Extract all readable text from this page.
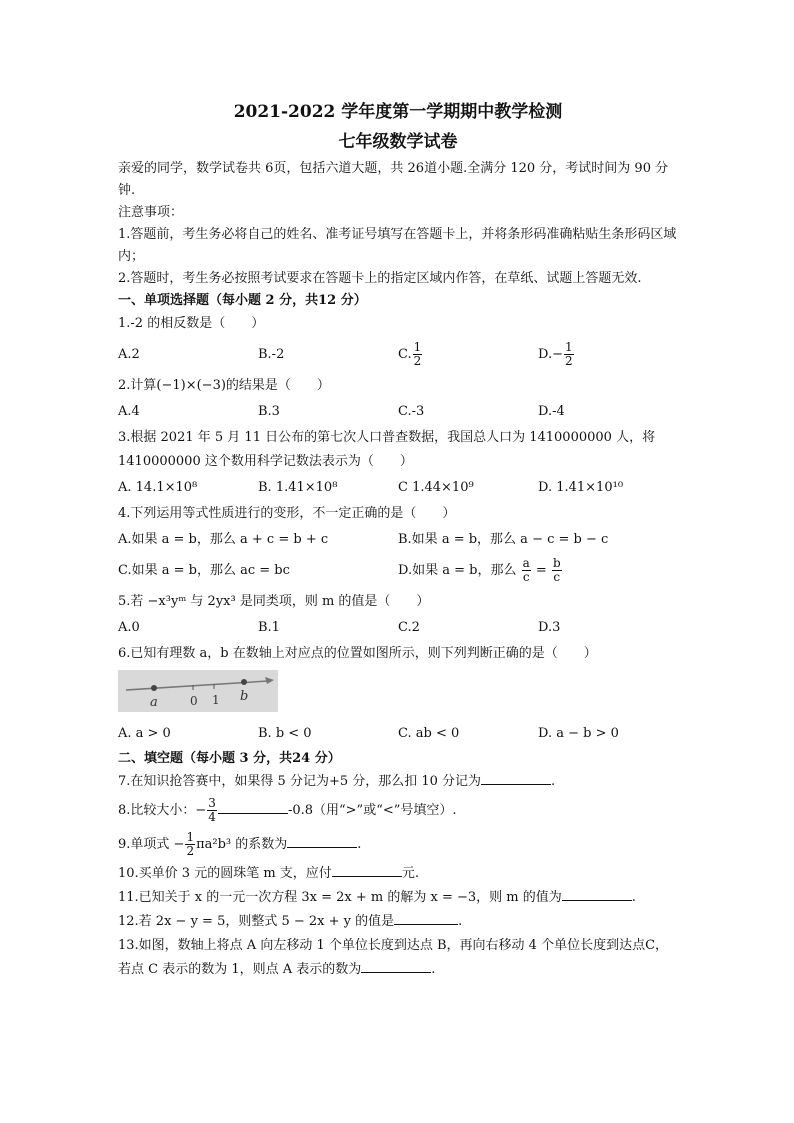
2021-2022 学年度第一学期期中教学检测

七年级数学试卷

亲爱的同学，数学试卷共 6页，包括六道大题，共 26道小题.全满分 120 分，考试时间为 90 分钟.

注意事项：

1.答题前，考生务必将自己的姓名、准考证号填写在答题卡上，并将条形码准确粘贴生条形码区域内；

2.答题时，考生务必按照考试要求在答题卡上的指定区域内作答，在草纸、试题上答题无效.

一、单项选择题（每小题 2 分，共12 分）

1.-2 的相反数是（　　）

A.2	B.-2	C. $\frac{1}{2}$	$D.- \frac{1}{2}$

2.计算(−1)×(−3)的结果是（　　）

A.4	B.3	C.-3	D.-4

3.根据 2021 年 5 月 11 日公布的第七次人口普查数据，我国总人口为 1410000000 人，将1410000000 这个数用科学记数法表示为（　　）

A. 14.1×10⁸	B. 1.41×10⁸	C 1.44×10⁹	D. 1.41×10¹⁰

4.下列运用等式性质进行的变形，不一定正确的是（　　）

A.如果 a = b，那么 a + c = b + c	B.如果 a = b，那么 a − c = b − c
C.如果 a = b，那么 ac = bc	D.如果 a = b，那么 $\frac{a}{c} = \frac{b}{c}$

5.若 −x³yᵐ 与 2yx³ 是同类项，则 m 的值是（　　）

A.0	B.1	C.2	D.3

6.已知有理数 a，b 在数轴上对应点的位置如图所示，则下列判断正确的是（　　）

a	0 1 b
A. a > 0	B. b < 0	C. ab < 0	D. a − b > 0

二、填空题（每小题 3 分，共24 分）

7.在知识抢答赛中，如果得 5 分记为+5 分，那么扣 10 分记为	.

8.比较大小：− $\frac{3}{4}$	-0.8（用“>”或“<”号填空）.

9.单项式 − $\frac{1}{2} \pi a^2b^3$ 的系数为	.

10.买单价 3 元的圆珠笔 m 支，应付	元.

11.已知关于 x 的一元一次方程 3x = 2x + m 的解为 x = −3，则 m 的值为	.

12.若 2x − y = 5，则整式 5 − 2x + y 的值是	.

13.如图，数轴上将点 A 向左移动 1 个单位长度到达点 B，再向右移动 4 个单位长度到达点C，若点 C 表示的数为 1，则点 A 表示的数为	.
